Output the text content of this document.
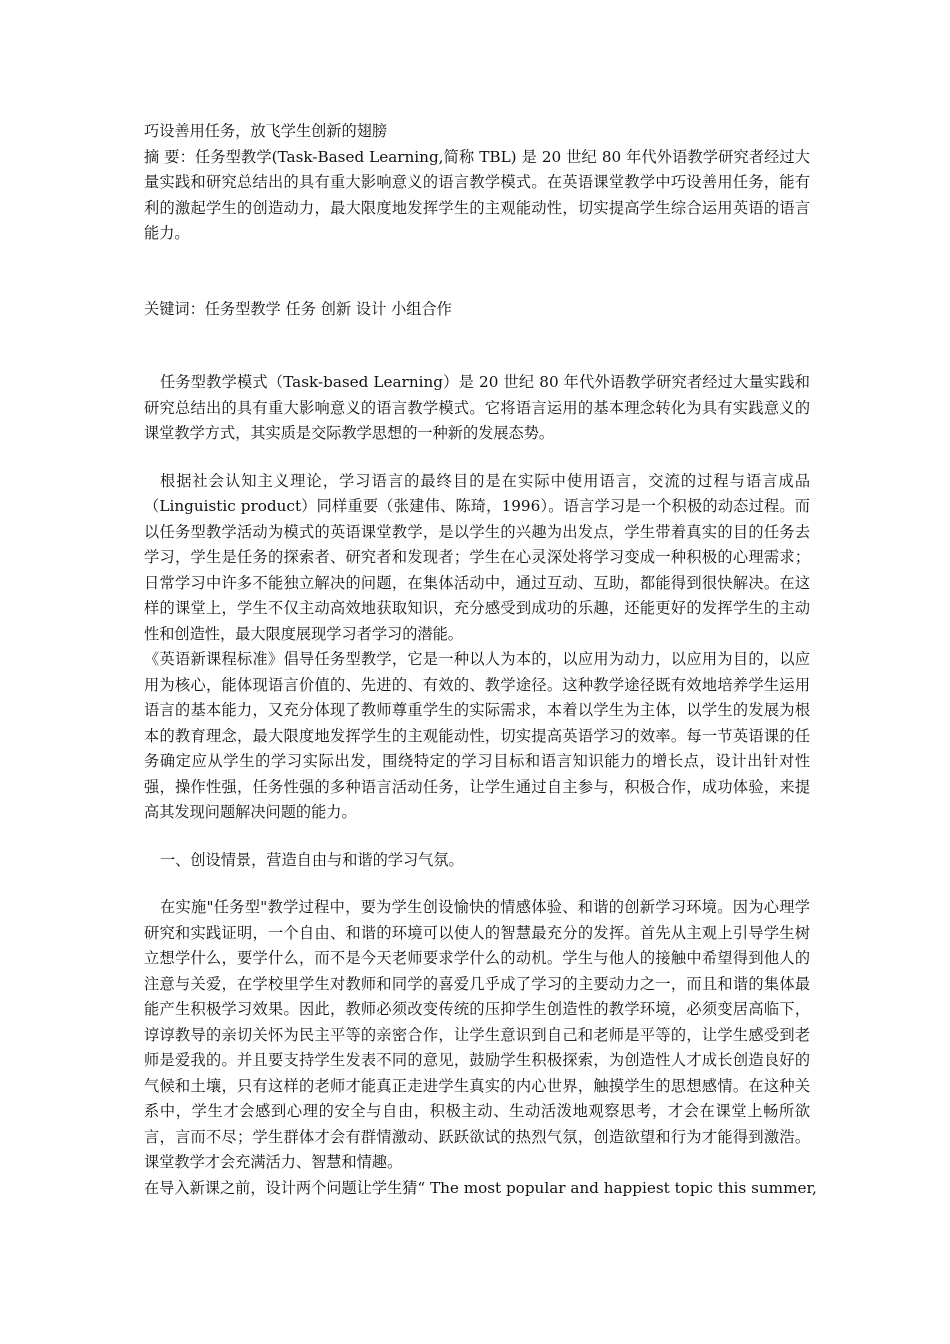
巧设善用任务，放飞学生创新的翅膀

摘 要：任务型教学(Task-Based Learning,简称 TBL) 是 20 世纪 80 年代外语教学研究者经过大量实践和研究总结出的具有重大影响意义的语言教学模式。在英语课堂教学中巧设善用任务，能有利的激起学生的创造动力，最大限度地发挥学生的主观能动性，切实提高学生综合运用英语的语言能力。

关键词：任务型教学 任务 创新 设计 小组合作

任务型教学模式（Task-based Learning）是 20 世纪 80 年代外语教学研究者经过大量实践和研究总结出的具有重大影响意义的语言教学模式。它将语言运用的基本理念转化为具有实践意义的课堂教学方式，其实质是交际教学思想的一种新的发展态势。

根据社会认知主义理论，学习语言的最终目的是在实际中使用语言，交流的过程与语言成品（Linguistic product）同样重要（张建伟、陈琦，1996）。语言学习是一个积极的动态过程。而以任务型教学活动为模式的英语课堂教学，是以学生的兴趣为出发点，学生带着真实的目的任务去学习，学生是任务的探索者、研究者和发现者；学生在心灵深处将学习变成一种积极的心理需求；日常学习中许多不能独立解决的问题，在集体活动中，通过互动、互助，都能得到很快解决。在这样的课堂上，学生不仅主动高效地获取知识，充分感受到成功的乐趣，还能更好的发挥学生的主动性和创造性，最大限度展现学习者学习的潜能。

《英语新课程标准》倡导任务型教学，它是一种以人为本的，以应用为动力，以应用为目的，以应用为核心，能体现语言价值的、先进的、有效的、教学途径。这种教学途径既有效地培养学生运用语言的基本能力，又充分体现了教师尊重学生的实际需求，本着以学生为主体，以学生的发展为根本的教育理念，最大限度地发挥学生的主观能动性，切实提高英语学习的效率。每一节英语课的任务确定应从学生的学习实际出发，围绕特定的学习目标和语言知识能力的增长点，设计出针对性强，操作性强，任务性强的多种语言活动任务，让学生通过自主参与，积极合作，成功体验，来提高其发现问题解决问题的能力。

一、创设情景，营造自由与和谐的学习气氛。

在实施"任务型"教学过程中，要为学生创设愉快的情感体验、和谐的创新学习环境。因为心理学研究和实践证明，一个自由、和谐的环境可以使人的智慧最充分的发挥。首先从主观上引导学生树立想学什么，要学什么，而不是今天老师要求学什么的动机。学生与他人的接触中希望得到他人的注意与关爱，在学校里学生对教师和同学的喜爱几乎成了学习的主要动力之一，而且和谐的集体最能产生积极学习效果。因此，教师必须改变传统的压抑学生创造性的教学环境，必须变居高临下，谆谆教导的亲切关怀为民主平等的亲密合作，让学生意识到自己和老师是平等的，让学生感受到老师是爱我的。并且要支持学生发表不同的意见，鼓励学生积极探索，为创造性人才成长创造良好的气候和土壤，只有这样的老师才能真正走进学生真实的内心世界，触摸学生的思想感情。在这种关系中，学生才会感到心理的安全与自由，积极主动、生动活泼地观察思考，才会在课堂上畅所欲言，言而不尽；学生群体才会有群情激动、跃跃欲试的热烈气氛，创造欲望和行为才能得到激浩。课堂教学才会充满活力、智慧和情趣。

在导入新课之前，设计两个问题让学生猜“ The most popular and happiest topic this summer,
